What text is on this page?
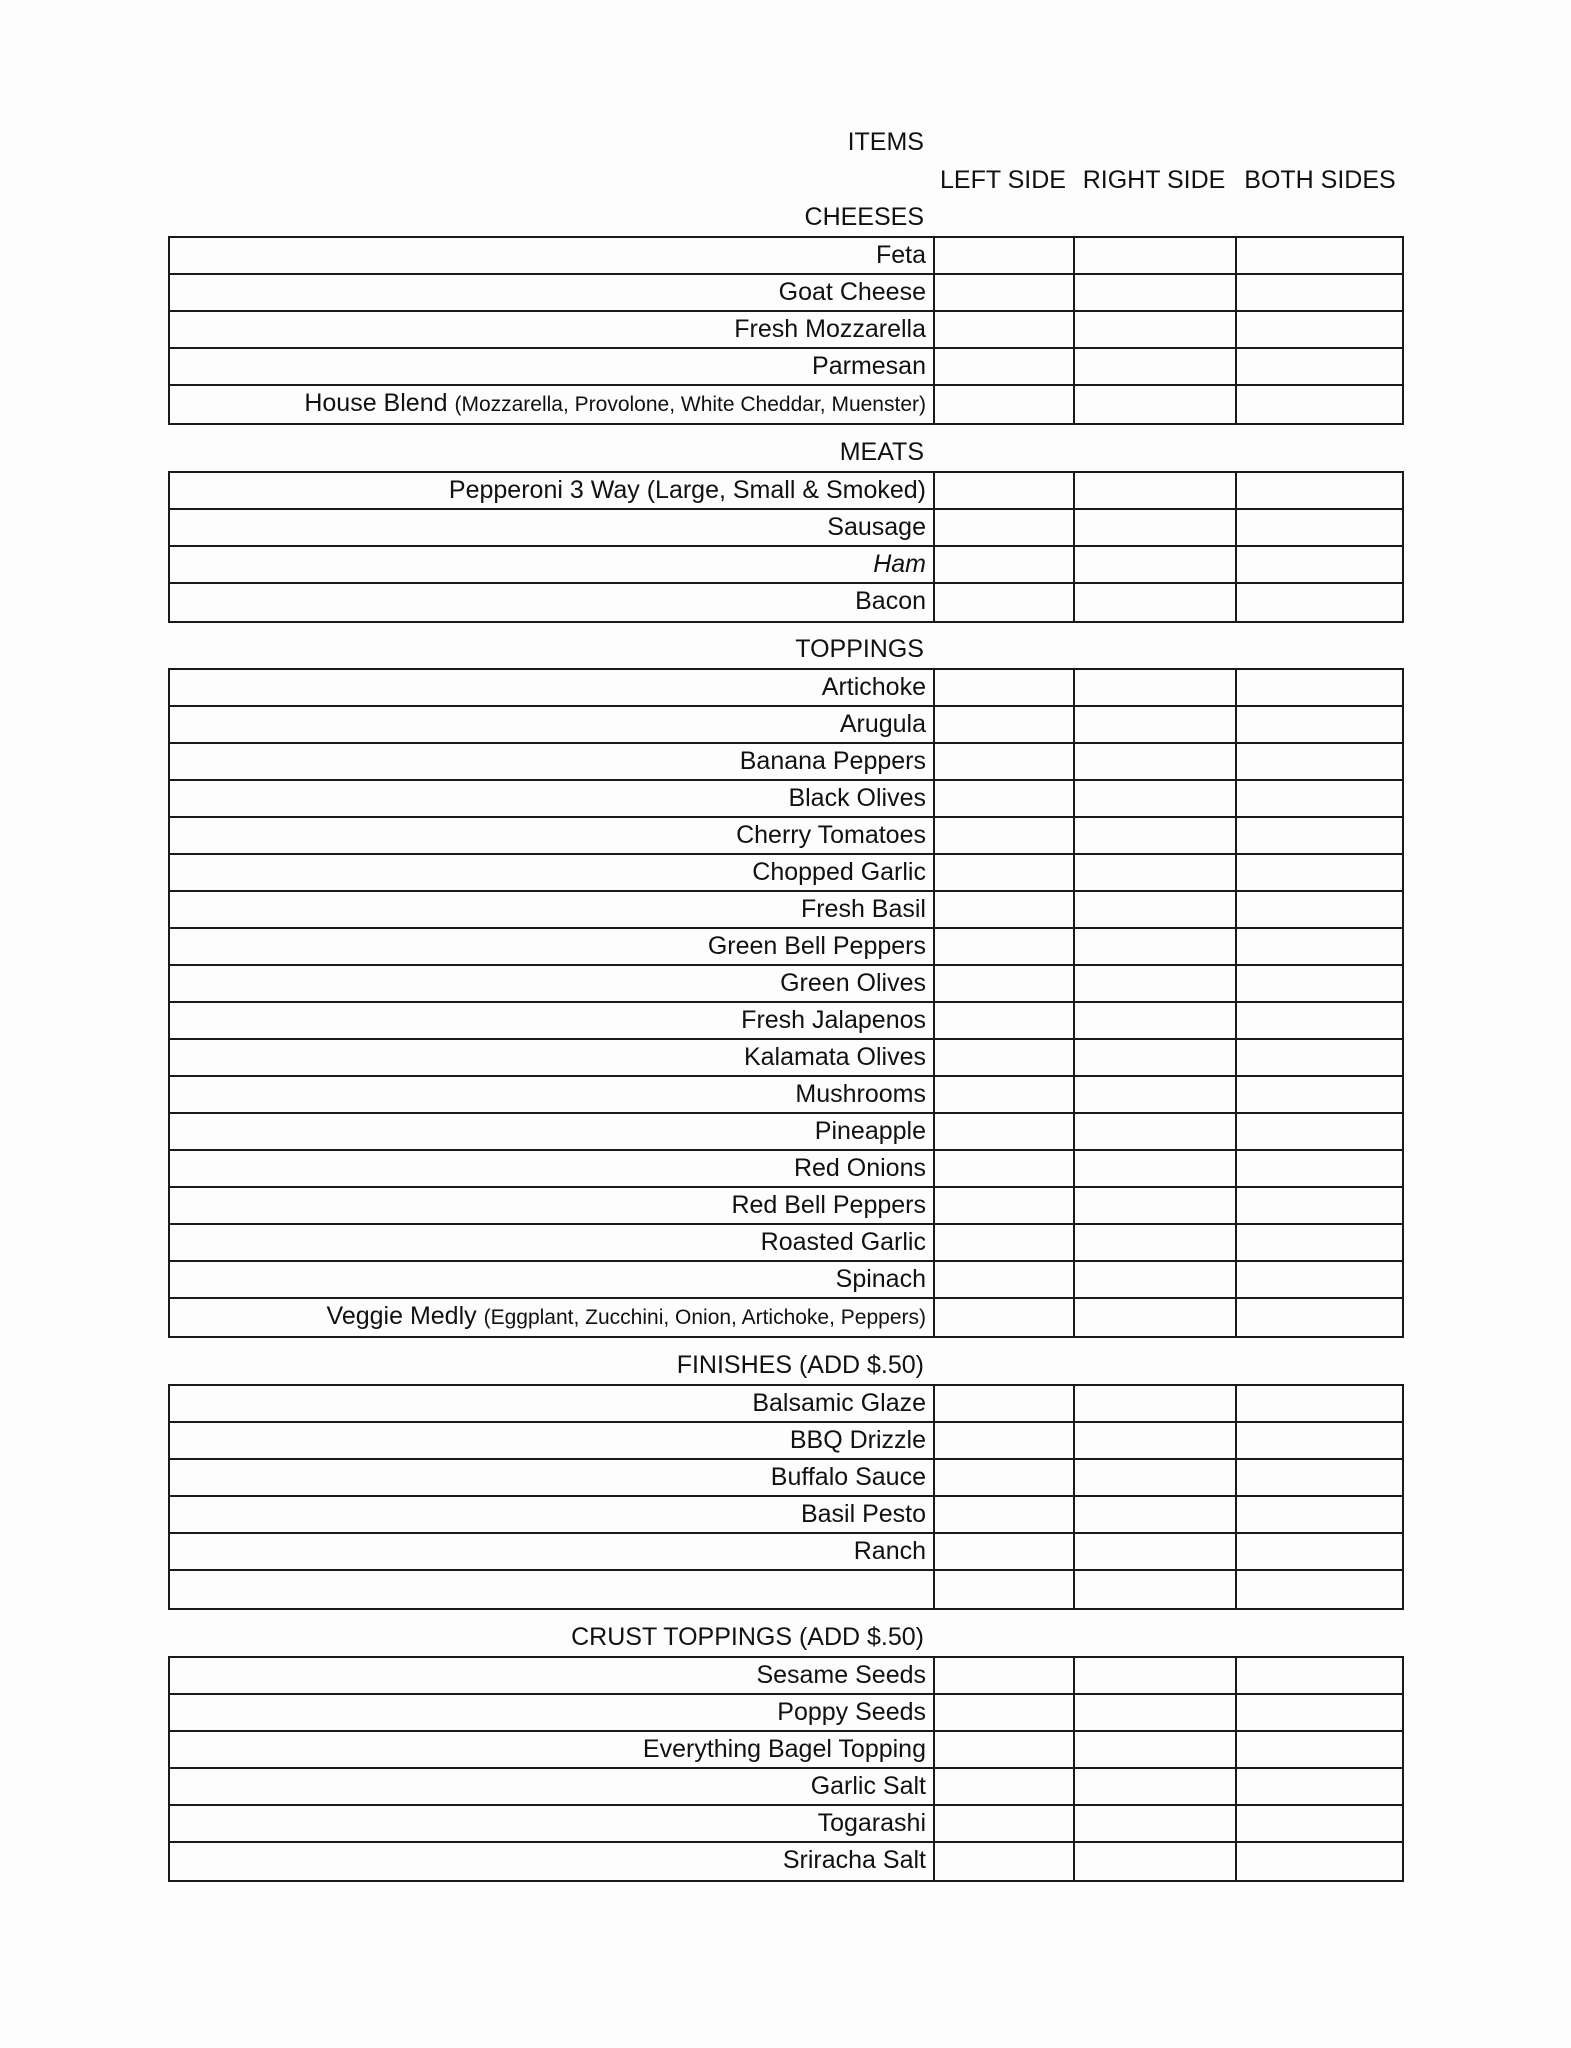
ITEMS
LEFT SIDE RIGHT SIDE BOTH SIDES
CHEESES
Feta
Goat Cheese
Fresh Mozzarella
Parmesan
House Blend (Mozzarella, Provolone, White Cheddar, Muenster)
MEATS
Pepperoni 3 Way (Large, Small & Smoked)
Sausage
Ham
Bacon
TOPPINGS
Artichoke
Arugula
Banana Peppers
Black Olives
Cherry Tomatoes
Chopped Garlic
Fresh Basil
Green Bell Peppers
Green Olives
Fresh Jalapenos
Kalamata Olives
Mushrooms
Pineapple
Red Onions
Red Bell Peppers
Roasted Garlic
Spinach
Veggie Medly (Eggplant, Zucchini, Onion, Artichoke, Peppers)
FINISHES (ADD $.50)
Balsamic Glaze
BBQ Drizzle
Buffalo Sauce
Basil Pesto
Ranch
CRUST TOPPINGS (ADD $.50)
Sesame Seeds
Poppy Seeds
Everything Bagel Topping
Garlic Salt
Togarashi
Sriracha Salt
